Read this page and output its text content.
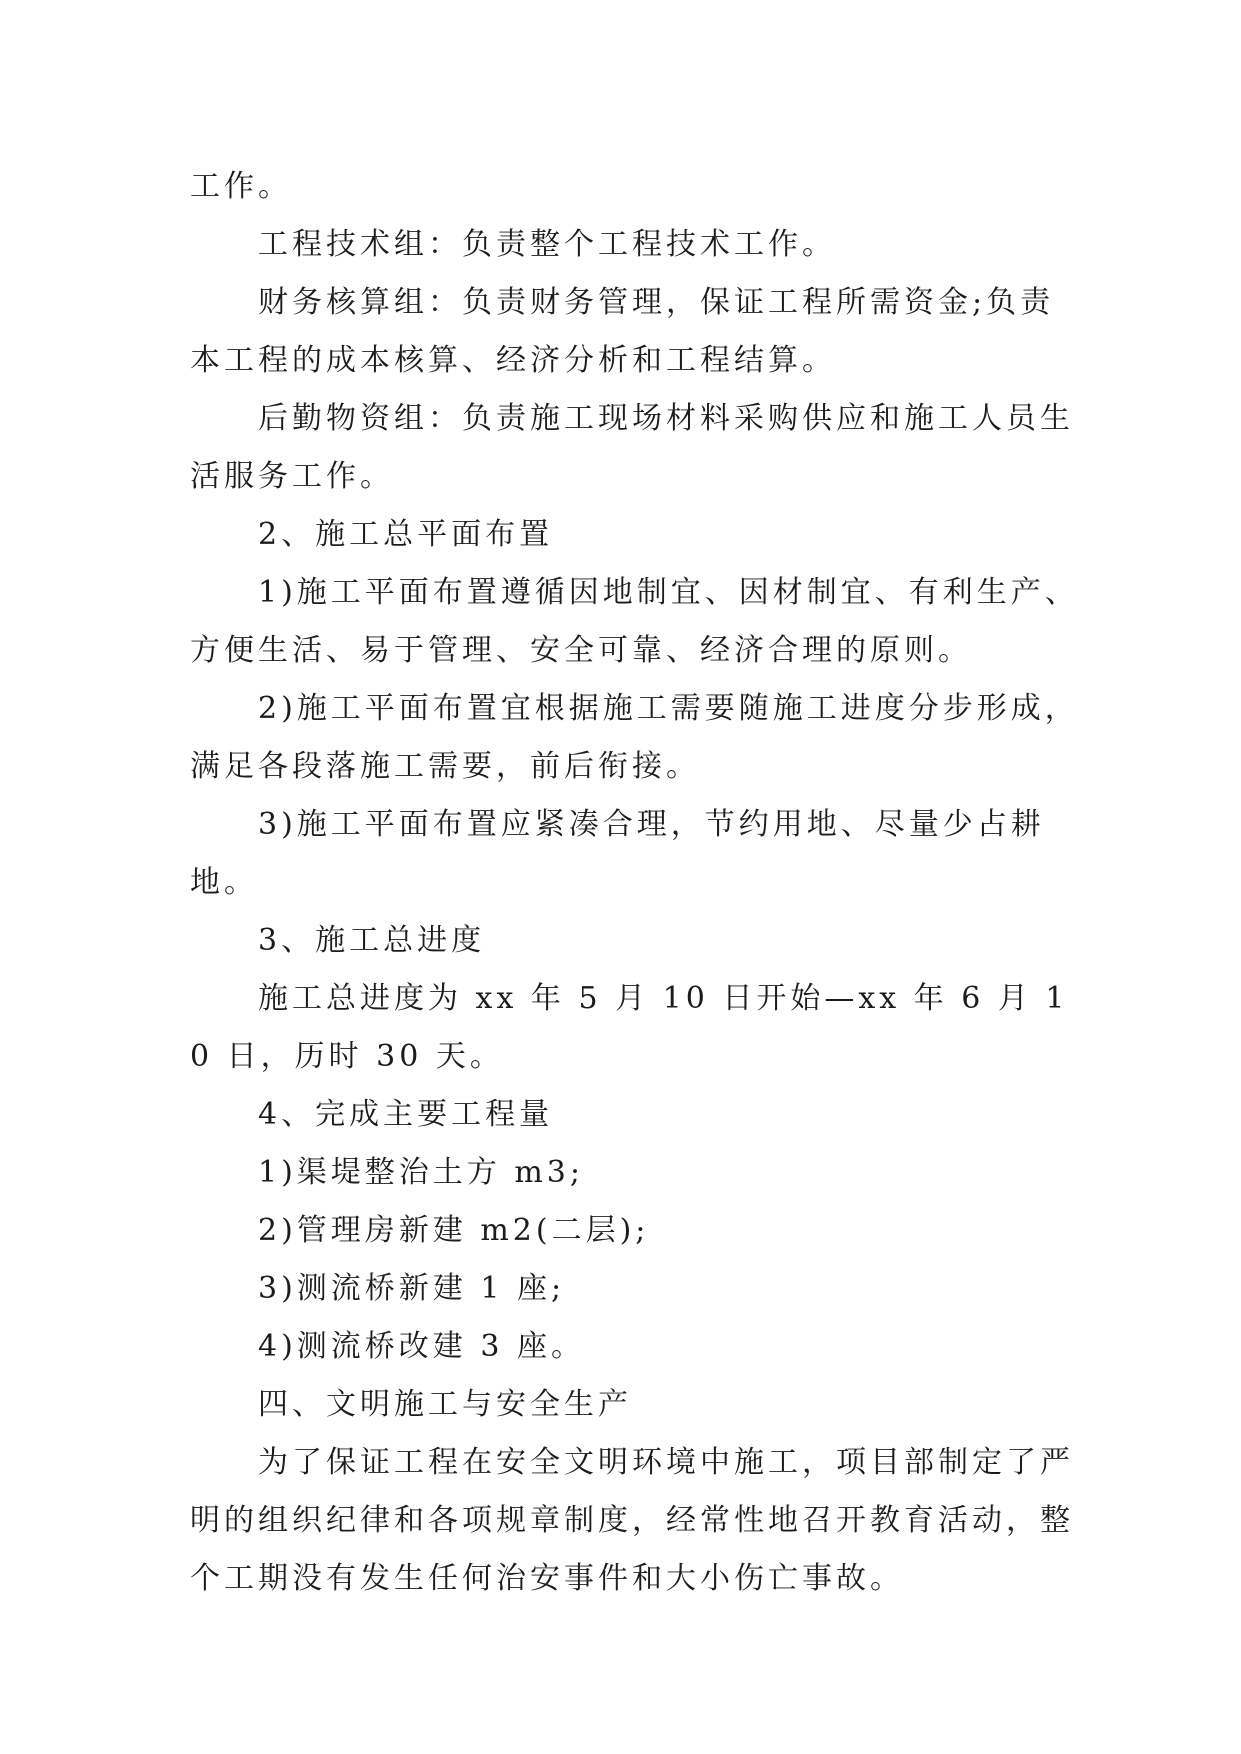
工作。

工程技术组：负责整个工程技术工作。

财务核算组：负责财务管理，保证工程所需资金;负责本工程的成本核算、经济分析和工程结算。

后勤物资组：负责施工现场材料采购供应和施工人员生活服务工作。

2、施工总平面布置

1)施工平面布置遵循因地制宜、因材制宜、有利生产、方便生活、易于管理、安全可靠、经济合理的原则。

2)施工平面布置宜根据施工需要随施工进度分步形成，满足各段落施工需要，前后衔接。

3)施工平面布置应紧凑合理，节约用地、尽量少占耕地。

3、施工总进度

施工总进度为 xx 年 5 月 10 日开始—xx 年 6 月 10 日，历时 30 天。

4、完成主要工程量

1)渠堤整治土方 m3;

2)管理房新建 m2(二层);

3)测流桥新建 1 座;

4)测流桥改建 3 座。

四、文明施工与安全生产

为了保证工程在安全文明环境中施工，项目部制定了严明的组织纪律和各项规章制度，经常性地召开教育活动，整个工期没有发生任何治安事件和大小伤亡事故。
